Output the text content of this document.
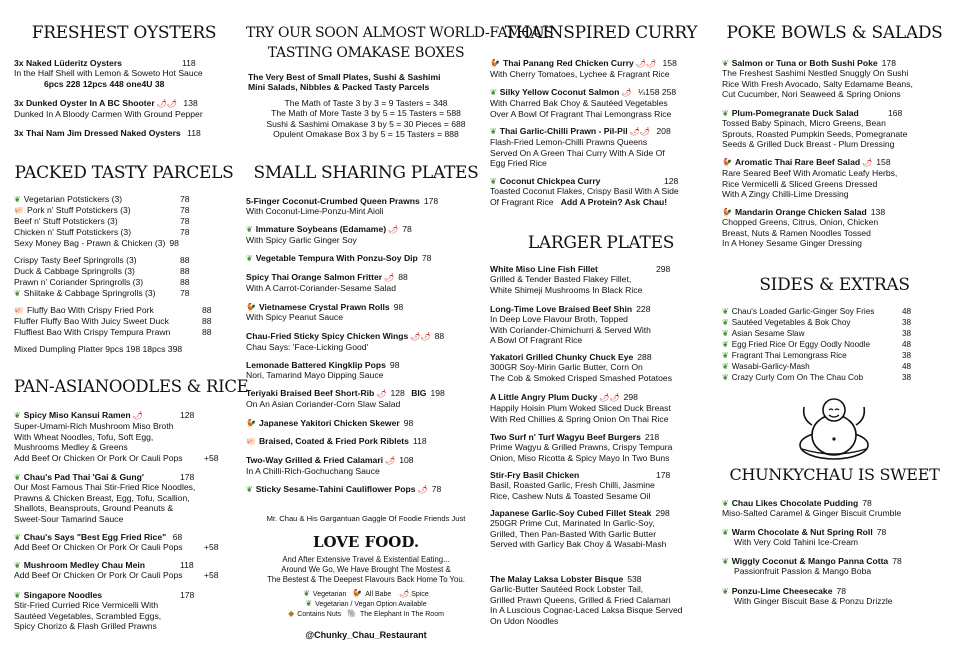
FRESHEST OYSTERS
3x Naked Lüderitz Oysters	118
In the Half Shell with Lemon & Soweto Hot Sauce
6pcs 228 12pcs 448 one4U 38
3x Dunked Oyster In A BC Shooter 🌶🌶 138
Dunked In A Bloody Carmen With Ground Pepper
3x Thai Nam Jim Dressed Naked Oysters 118
PACKED TASTY PARCELS
❦ Vegetarian Potstickers (3)	78
🐖 Pork n' Stuff Potstickers (3)	78
Beef n' Stuff Potstickers (3)	78
Chicken n' Stuff Potstickers (3)	78
Sexy Money Bag - Prawn & Chicken (3) 98
Crispy Tasty Beef Springrolls (3)	88
Duck & Cabbage Springrolls (3)	88
Prawn n' Coriander Springrolls (3)	88
❦ Shiitake & Cabbage Springrolls (3)	78
🐖 Fluffy Bao With Crispy Fried Pork	88
Fluffer Fluffy Bao With Juicy Sweet Duck	88
Fluffiest Bao With Crispy Tempura Prawn	88
Mixed Dumpling Platter 9pcs 198 18pcs 398
PAN-ASIANOODLES & RICE
❦ Spicy Miso Kansui Ramen 🌶	128
Super-Umami-Rich Mushroom Miso Broth
With Wheat Noodles, Tofu, Soft Egg,
Mushrooms Medley & Greens
Add Beef Or Chicken Or Pork Or Cauli Pops +58
❦ Chau's Pad Thai 'Gai & Gung'	178
Our Most Famous Thai Stir-Fried Rice Noodles,
Prawns & Chicken Breast, Egg, Tofu, Scallion,
Shallots, Beansprouts, Ground Peanuts &
Sweet-Sour Tamarind Sauce
❦ Chau's Says "Best Egg Fried Rice" 68
Add Beef Or Chicken Or Pork Or Cauli Pops +58
❦ Mushroom Medley Chau Mein	118
Add Beef Or Chicken Or Pork Or Cauli Pops +58
❦ Singapore Noodles	178
Stir-Fried Curried Rice Vermicelli With
Sautéed Vegetables, Scrambled Eggs,
Spicy Chorizo & Flash Grilled Prawns
TRY OUR SOON ALMOST WORLD-FAMOUS
TASTING OMAKASE BOXES
The Very Best of Small Plates, Sushi & Sashimi
Mini Salads, Nibbles & Packed Tasty Parcels
The Math of Taste 3 by 3 = 9 Tasters = 348
The Math of More Taste 3 by 5 = 15 Tasters = 588
Sushi & Sashimi Omakase 3 by 5 = 30 Pieces = 688
Opulent Omakase Box 3 by 5 = 15 Tasters = 888
SMALL SHARING PLATES
5-Finger Coconut-Crumbed Queen Prawns 178
With Coconut-Lime-Ponzu-Mint Aioli
❦ Immature Soybeans (Edamame) 🌶 78
With Spicy Garlic Ginger Soy
❦ Vegetable Tempura With Ponzu-Soy Dip 78
Spicy Thai Orange Salmon Fritter 🌶 88
With A Carrot-Coriander-Sesame Salad
🐓 Vietnamese Crystal Prawn Rolls 98
With Spicy Peanut Sauce
Chau-Fried Sticky Spicy Chicken Wings 🌶🌶 88
Chau Says: 'Face-Licking Good'
Lemonade Battered Kingklip Pops 98
Nori, Tamarind Mayo Dipping Sauce
Teriyaki Braised Beef Short-Rib 🌶 128 BIG 198
On An Asian Coriander-Corn Slaw Salad
🐓 Japanese Yakitori Chicken Skewer 98
🐖 Braised, Coated & Fried Pork Riblets 118
Two-Way Grilled & Fried Calamari 🌶 108
In A Chilli-Rich-Gochuchang Sauce
❦ Sticky Sesame-Tahini Cauliflower Pops 🌶 78
Mr. Chau & His Gargantuan Gaggle Of Foodie Friends Just
LOVE FOOD.
And After Extensive Travel & Existential Eating...
Around We Go, We Have Brought The Mostest &
The Bestest & The Deepest Flavours Back Home To You.
❦ Vegetarian 🐓 All Babe 🌶 Spice
❦ Vegetarian / Vegan Option Available
◆ Contains Nuts 🐘 The Elephant In The Room
@Chunky_Chau_Restaurant
THAINSPIRED CURRY
🐓 Thai Panang Red Chicken Curry 🌶🌶 158
With Cherry Tomatoes, Lychee & Fragrant Rice
❦ Silky Yellow Coconut Salmon 🌶 ¼158 258
With Charred Bak Choy & Sautéed Vegetables
Over A Bowl Of Fragrant Thai Lemongrass Rice
❦ Thai Garlic-Chilli Prawn - Pil-Pil 🌶🌶 208
Flash-Fried Lemon-Chilli Prawns Queens
Served On A Green Thai Curry With A Side Of
Egg Fried Rice
❦ Coconut Chickpea Curry	128
Toasted Coconut Flakes, Crispy Basil With A Side
Of Fragrant Rice Add A Protein? Ask Chau!
LARGER PLATES
White Miso Line Fish Fillet	298
Grilled & Tender Basted Flakey Fillet,
White Shimeji Mushrooms In Black Rice
Long-Time Love Braised Beef Shin 228
In Deep Love Flavour Broth, Topped
With Coriander-Chimichurri & Served With
A Bowl Of Fragrant Rice
Yakatori Grilled Chunky Chuck Eye 288
300GR Soy-Mirin Garlic Butter, Corn On
The Cob & Smoked Crisped Smashed Potatoes
A Little Angry Plum Ducky 🌶🌶 298
Happily Hoisin Plum Woked Sliced Duck Breast
With Red Chillies & Spring Onion On Thai Rice
Two Surf n' Turf Wagyu Beef Burgers 218
Prime Wagyu & Grilled Prawns, Crispy Tempura
Onion, Miso Ricotta & Spicy Mayo In Two Buns
Stir-Fry Basil Chicken	178
Basil, Roasted Garlic, Fresh Chilli, Jasmine
Rice, Cashew Nuts & Toasted Sesame Oil
Japanese Garlic-Soy Cubed Fillet Steak 298
250GR Prime Cut, Marinated In Garlic-Soy,
Grilled, Then Pan-Basted With Garlic Butter
Served with Garlicy Bak Choy & Wasabi-Mash
The Malay Laksa Lobster Bisque 538
Garlic-Butter Sautéed Rock Lobster Tail,
Grilled Prawn Queens, Grilled & Fried Calamari
In A Luscious Cognac-Laced Laksa Bisque Served
On Udon Noodles
POKE BOWLS & SALADS
❦ Salmon or Tuna or Both Sushi Poke 178
The Freshest Sashimi Nestled Snuggly On Sushi
Rice With Fresh Avocado, Salty Edamame Beans,
Cut Cucumber, Nori Seaweed & Spring Onions
❦ Plum-Pomegranate Duck Salad	168
Tossed Baby Spinach, Micro Greens, Bean
Sprouts, Roasted Pumpkin Seeds, Pomegranate
Seeds & Grilled Duck Breast - Plum Dressing
🐓 Aromatic Thai Rare Beef Salad 🌶 158
Rare Seared Beef With Aromatic Leafy Herbs,
Rice Vermicelli & Sliced Greens Dressed
With A Zingy Chilli-Lime Dressing
🐓 Mandarin Orange Chicken Salad 138
Chopped Greens, Citrus, Onion, Chicken
Breast, Nuts & Ramen Noodles Tossed
In A Honey Sesame Ginger Dressing
SIDES & EXTRAS
❦ Chau's Loaded Garlic-Ginger Soy Fries	48
❦ Sautéed Vegetables & Bok Choy	38
❦ Asian Sesame Slaw	38
❦ Egg Fried Rice Or Eggy Oodly Noodle	48
❦ Fragrant Thai Lemongrass Rice	38
❦ Wasabi-Garlicy-Mash	48
❦ Crazy Curly Corn On The Chau Cob	38
CHUNKYCHAU IS SWEET
❦ Chau Likes Chocolate Pudding 78
Miso-Salted Caramel & Ginger Biscuit Crumble
❦ Warm Chocolate & Nut Spring Roll 78
With Very Cold Tahini Ice-Cream
❦ Wiggly Coconut & Mango Panna Cotta 78
Passionfruit Passion & Mango Boba
❦ Ponzu-Lime Cheesecake 78
With Ginger Biscuit Base & Ponzu Drizzle
